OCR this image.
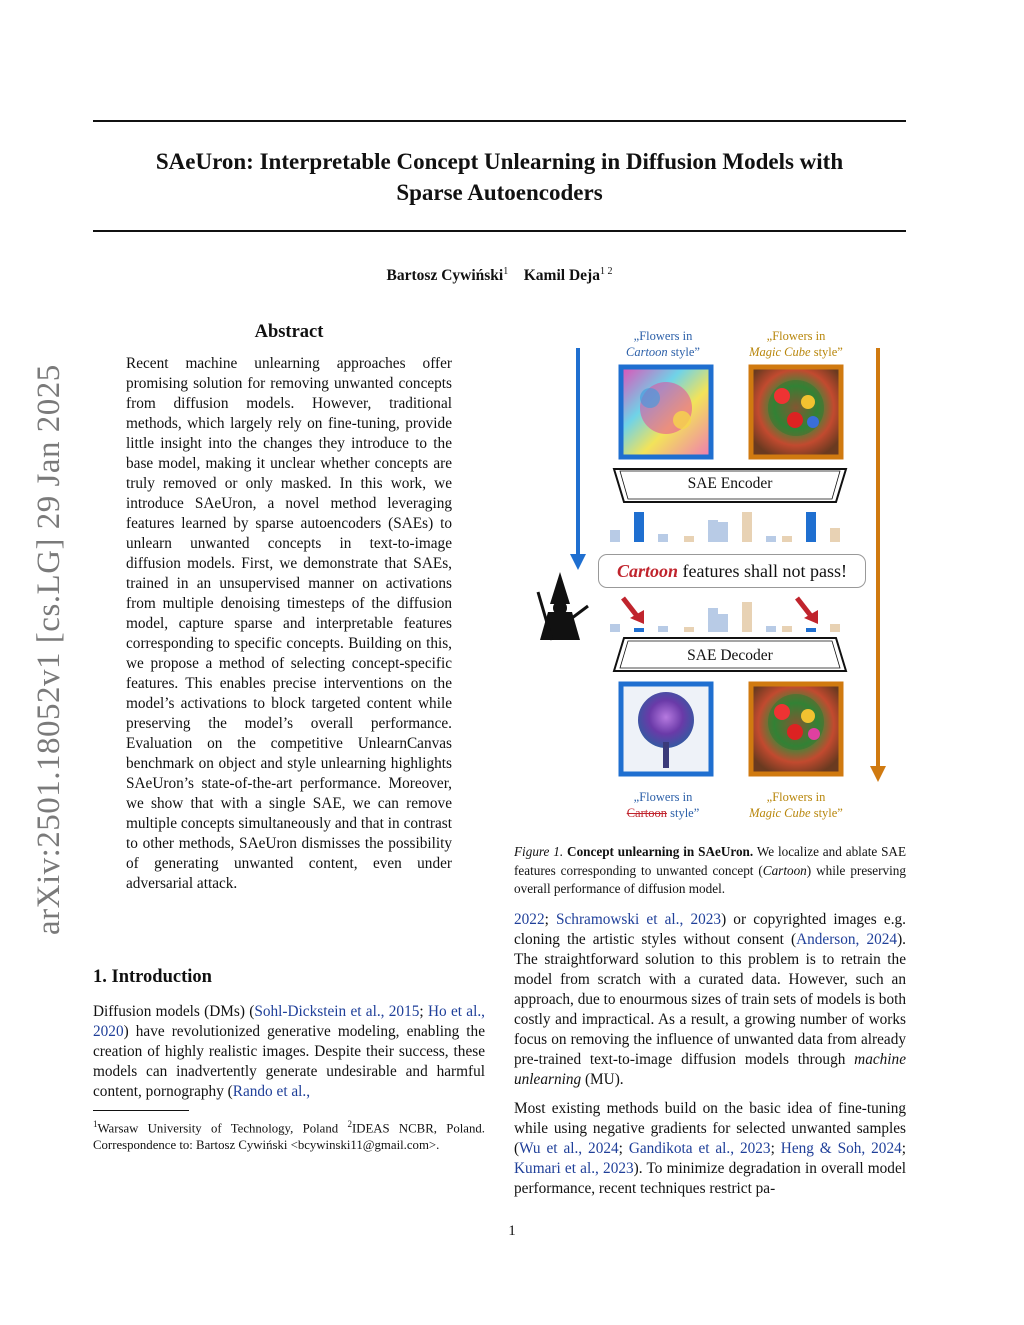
arXiv:2501.18052v1 [cs.LG] 29 Jan 2025
SAeUron: Interpretable Concept Unlearning in Diffusion Models with
Sparse Autoencoders
Bartosz Cywiński$^1$ Kamil Deja$^{1 2}$
Abstract
Recent machine unlearning approaches offer promising solution for removing unwanted concepts from diffusion models. However, traditional methods, which largely rely on fine-tuning, provide little insight into the changes they introduce to the base model, making it unclear whether concepts are truly removed or only masked. In this work, we introduce SAeUron, a novel method leveraging features learned by sparse autoencoders (SAEs) to unlearn unwanted concepts in text-to-image diffusion models. First, we demonstrate that SAEs, trained in an unsupervised manner on activations from multiple denoising timesteps of the diffusion model, capture sparse and interpretable features corresponding to specific concepts. Building on this, we propose a method of selecting concept-specific features. This enables precise interventions on the model’s activations to block targeted content while preserving the model’s overall performance. Evaluation on the competitive UnlearnCanvas benchmark on object and style unlearning highlights SAeUron’s state-of-the-art performance. Moreover, we show that with a single SAE, we can remove multiple concepts simultaneously and that in contrast to other methods, SAeUron dismisses the possibility of generating unwanted content, even under adversarial attack.
1. Introduction
Diffusion models (DMs) (Sohl-Dickstein et al., 2015; Ho et al., 2020) have revolutionized generative modeling, enabling the creation of highly realistic images. Despite their success, these models can inadvertently generate undesirable and harmful content, pornography (Rando et al.,
$^1$Warsaw University of Technology, Poland $^2$IDEAS NCBR, Poland. Correspondence to: Bartosz Cywiński <bcywinski11@gmail.com>.
„Flowers in
Cartoon style”
„Flowers in
Magic Cube style”
SAE Encoder
Cartoon features shall not pass!
SAE Decoder
„Flowers in
Cartoon style”
„Flowers in
Magic Cube style”
Figure 1. Concept unlearning in SAeUron. We localize and ablate SAE features corresponding to unwanted concept (Cartoon) while preserving overall performance of diffusion model.

2022; Schramowski et al., 2023) or copyrighted images e.g. cloning the artistic styles without consent (Anderson, 2024). The straightforward solution to this problem is to retrain the model from scratch with a curated data. However, such an approach, due to enourmous sizes of train sets of models is both costly and impractical. As a result, a growing number of works focus on removing the influence of unwanted data from already pre-trained text-to-image diffusion models through machine unlearning (MU).

Most existing methods build on the basic idea of fine-tuning while using negative gradients for selected unwanted samples (Wu et al., 2024; Gandikota et al., 2023; Heng & Soh, 2024; Kumari et al., 2023). To minimize degradation in overall model performance, recent techniques restrict pa-

1
